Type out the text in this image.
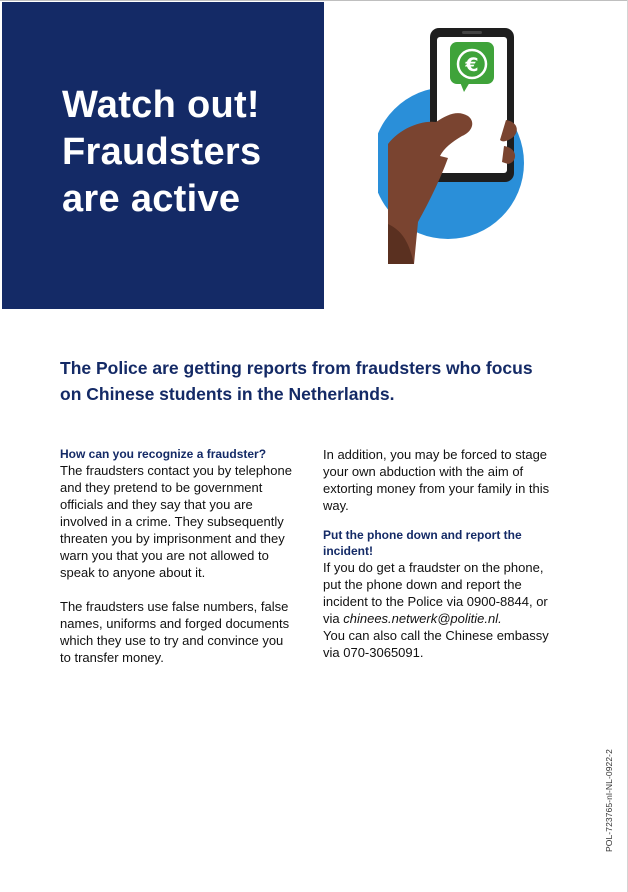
Watch out!
Fraudsters
are active
€

The Police are getting reports from fraudsters who focus on Chinese students in the Netherlands.

How can you recognize a fraudster?

The fraudsters contact you by telephone and they pretend to be government officials and they say that you are involved in a crime. They subsequently threaten you by imprisonment and they warn you that you are not allowed to speak to anyone about it.

The fraudsters use false numbers, false names, uniforms and forged documents which they use to try and convince you to transfer money.

In addition, you may be forced to stage your own abduction with the aim of extorting money from your family in this way.

Put the phone down and report the incident!

If you do get a fraudster on the phone, put the phone down and report the incident to the Police via 0900-8844, or via chinees.netwerk@politie.nl.
You can also call the Chinese embassy via 070-3065091.

POL-723765-nl-NL-0922-2
